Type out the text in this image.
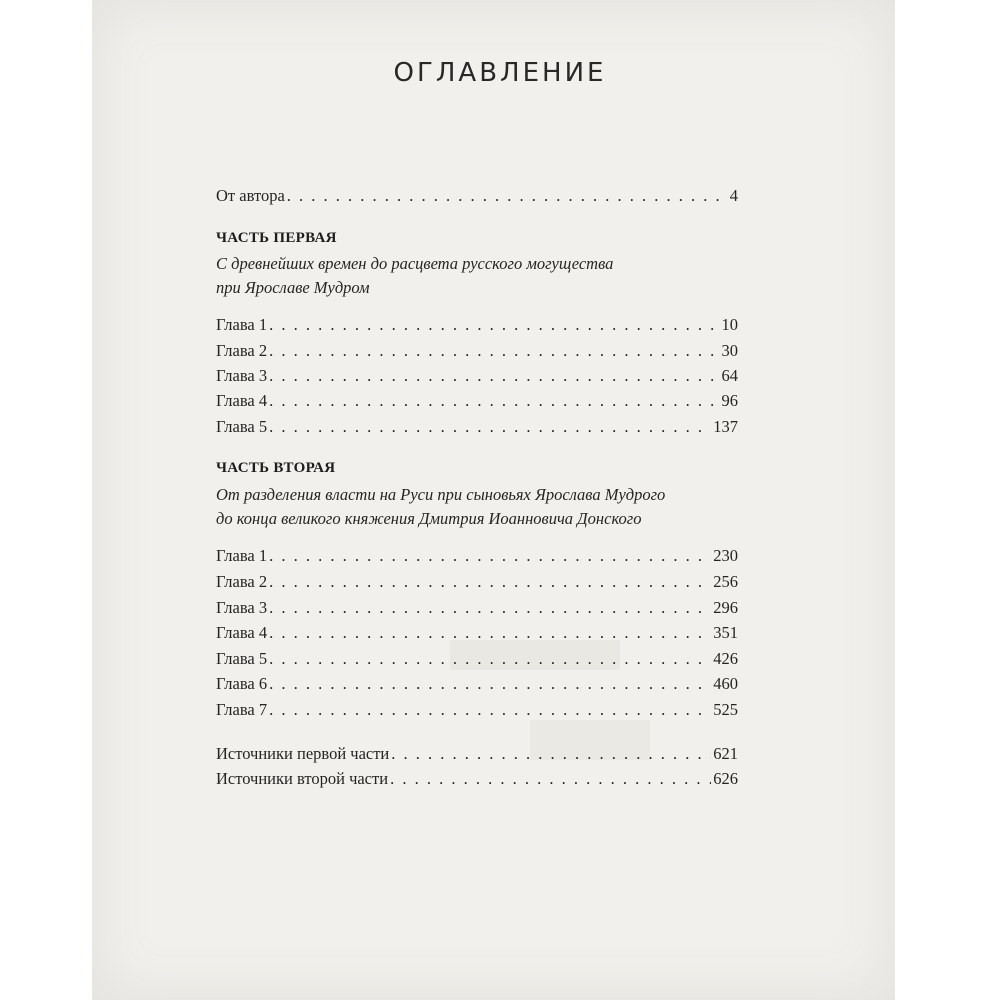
ОГЛАВЛЕНИЕ
От автора . . .	4
ЧАСТЬ ПЕРВАЯ
С древнейших времен до расцвета русского могущества
при Ярославе Мудром
Глава 1 . . .	10
Глава 2 . . .	30
Глава 3 . . .	64
Глава 4 . . .	96
Глава 5 . . .	137
ЧАСТЬ ВТОРАЯ
От разделения власти на Руси при сыновьях Ярослава Мудрого
до конца великого княжения Дмитрия Иоанновича Донского
Глава 1 . . .	230
Глава 2 . . .	256
Глава 3 . . .	296
Глава 4 . . .	351
Глава 5 . . .	426
Глава 6 . . .	460
Глава 7 . . .	525
Источники первой части . . .	621
Источники второй части . . .	626
